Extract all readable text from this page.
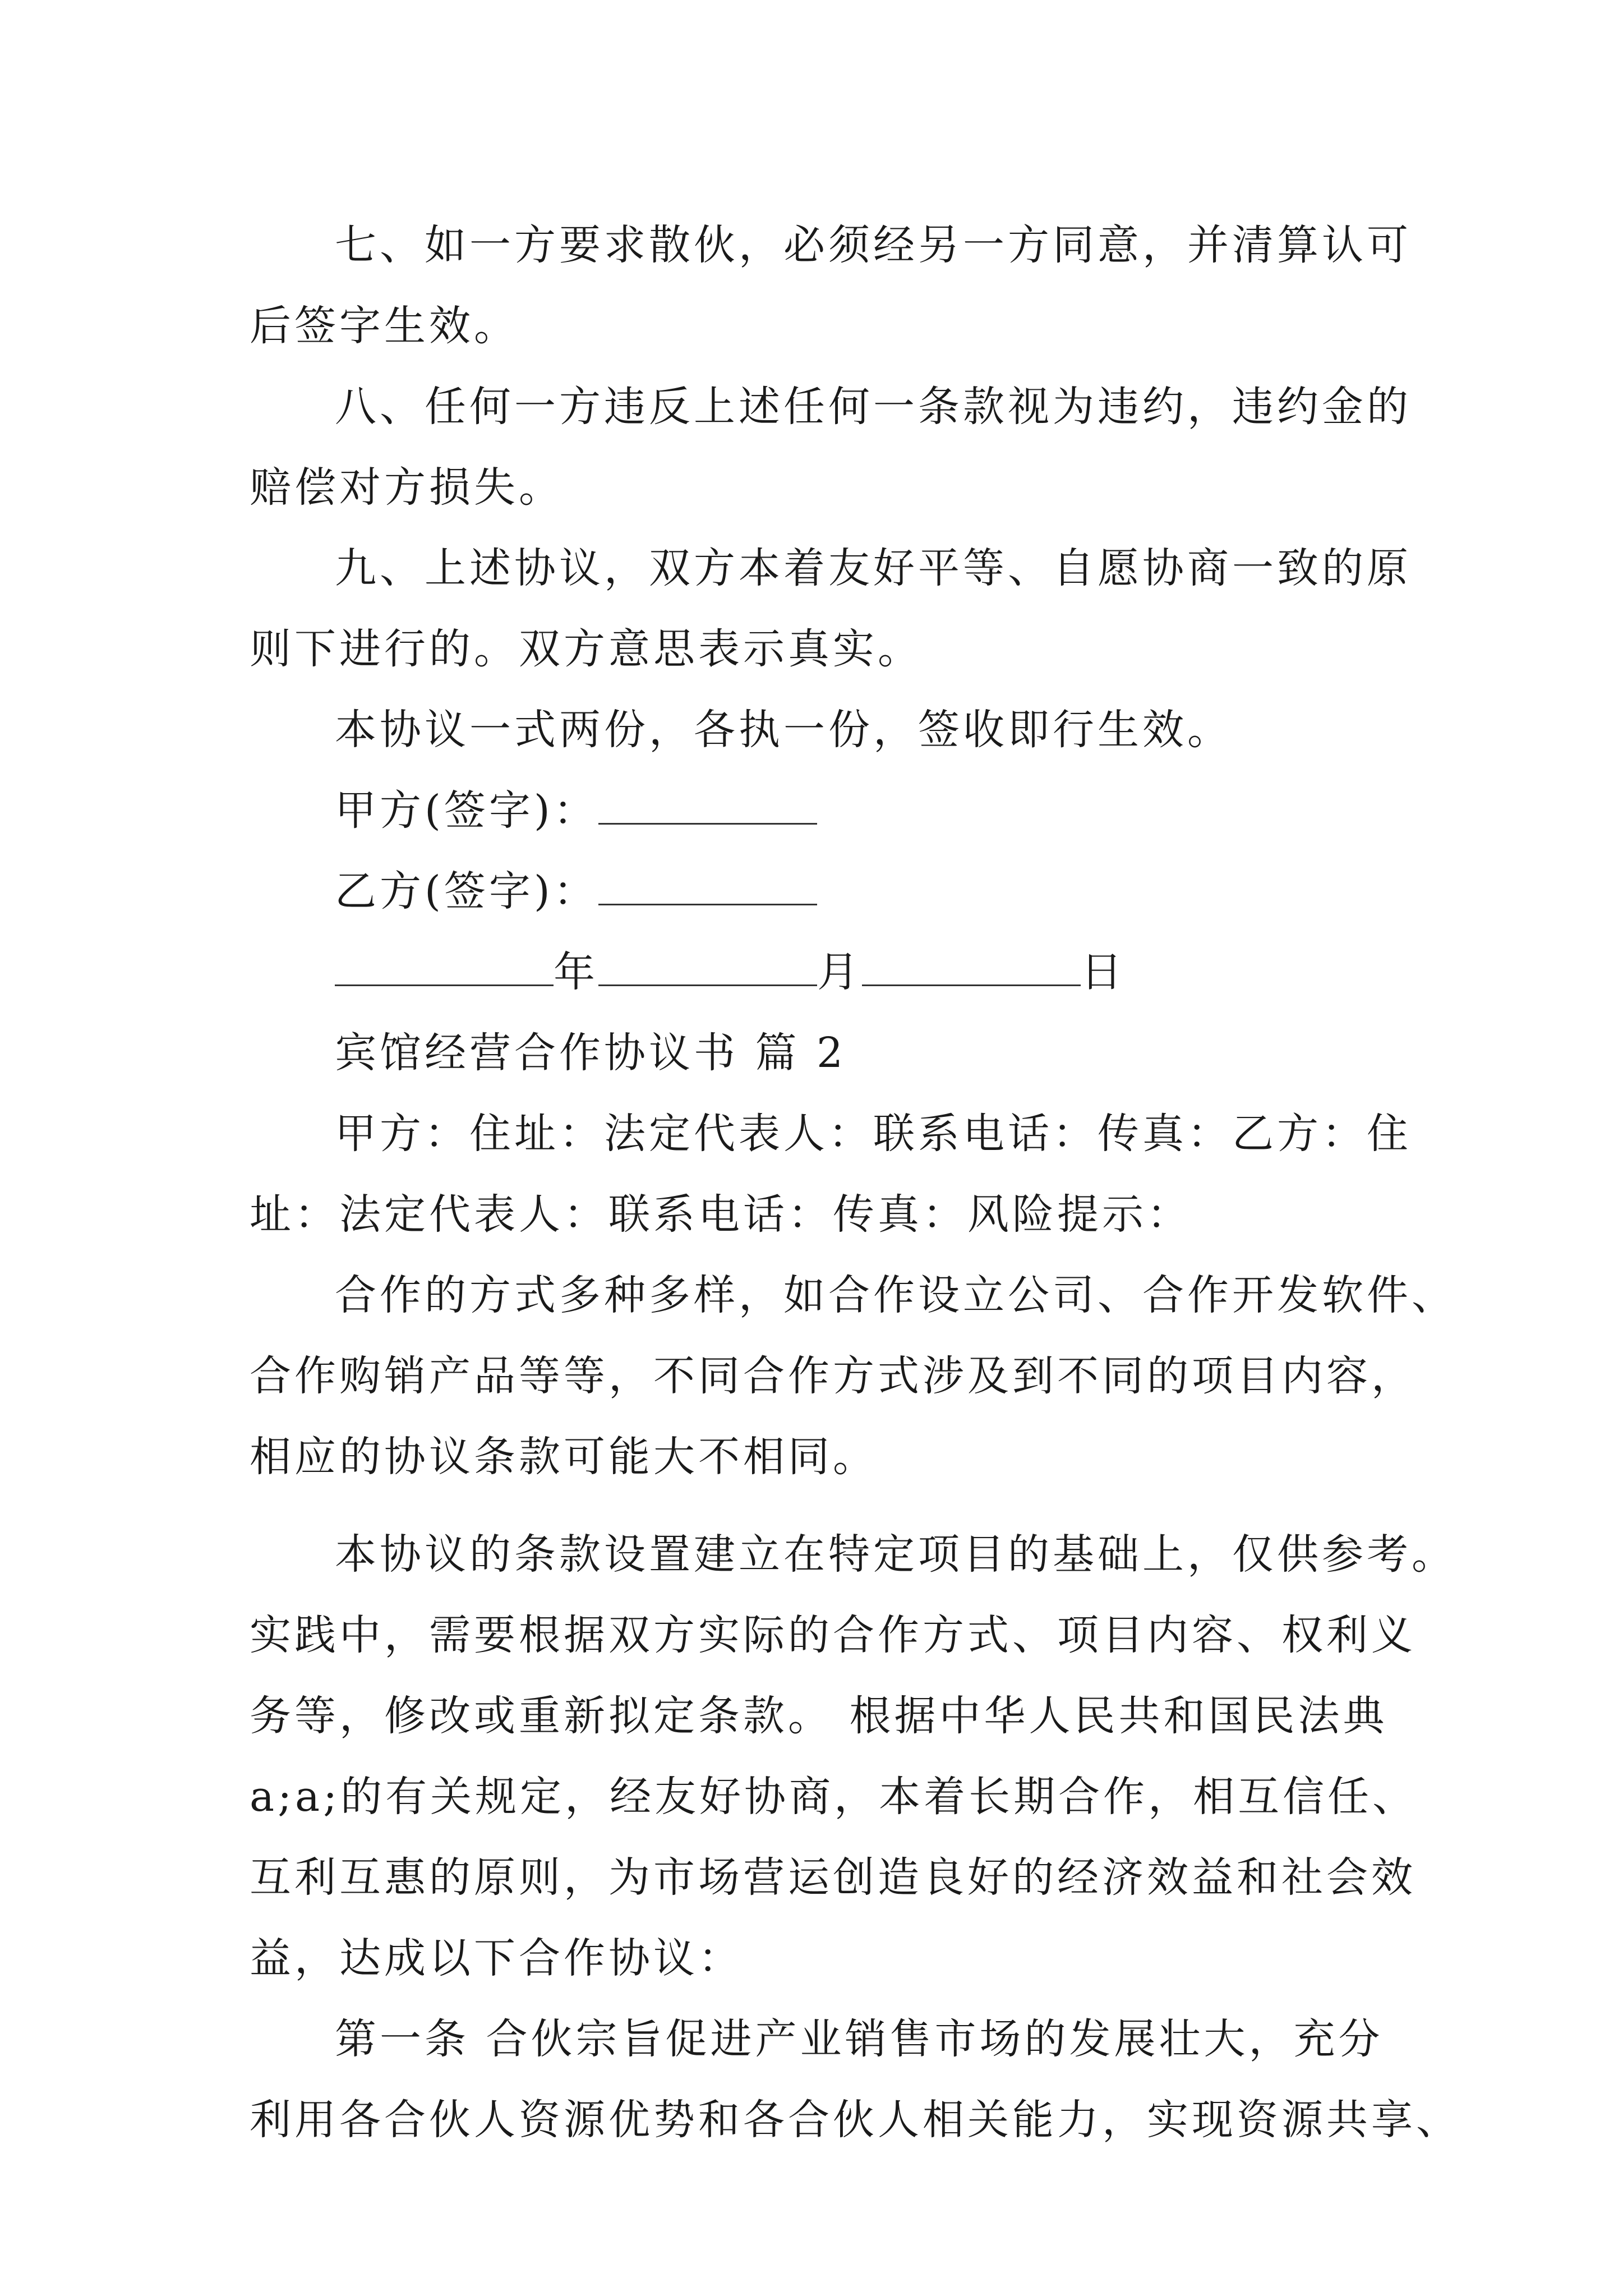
七、如一方要求散伙，必须经另一方同意，并清算认可
后签字生效。
八、任何一方违反上述任何一条款视为违约，违约金的
赔偿对方损失。
九、上述协议，双方本着友好平等、自愿协商一致的原
则下进行的。双方意思表示真实。
本协议一式两份，各执一份，签收即行生效。
甲方(签字)：
乙方(签字)：
年	月	日
宾馆经营合作协议书 篇 2
甲方：住址：法定代表人：联系电话：传真：乙方：住
址：法定代表人：联系电话：传真：风险提示：
合作的方式多种多样，如合作设立公司、合作开发软件、
合作购销产品等等，不同合作方式涉及到不同的项目内容，
相应的协议条款可能大不相同。
本协议的条款设置建立在特定项目的基础上，仅供参考。
实践中，需要根据双方实际的合作方式、项目内容、权利义
务等，修改或重新拟定条款。 根据中华人民共和国民法典
a;a;的有关规定，经友好协商，本着长期合作，相互信任、
互利互惠的原则，为市场营运创造良好的经济效益和社会效
益，达成以下合作协议：
第一条 合伙宗旨促进产业销售市场的发展壮大，充分
利用各合伙人资源优势和各合伙人相关能力，实现资源共享、
